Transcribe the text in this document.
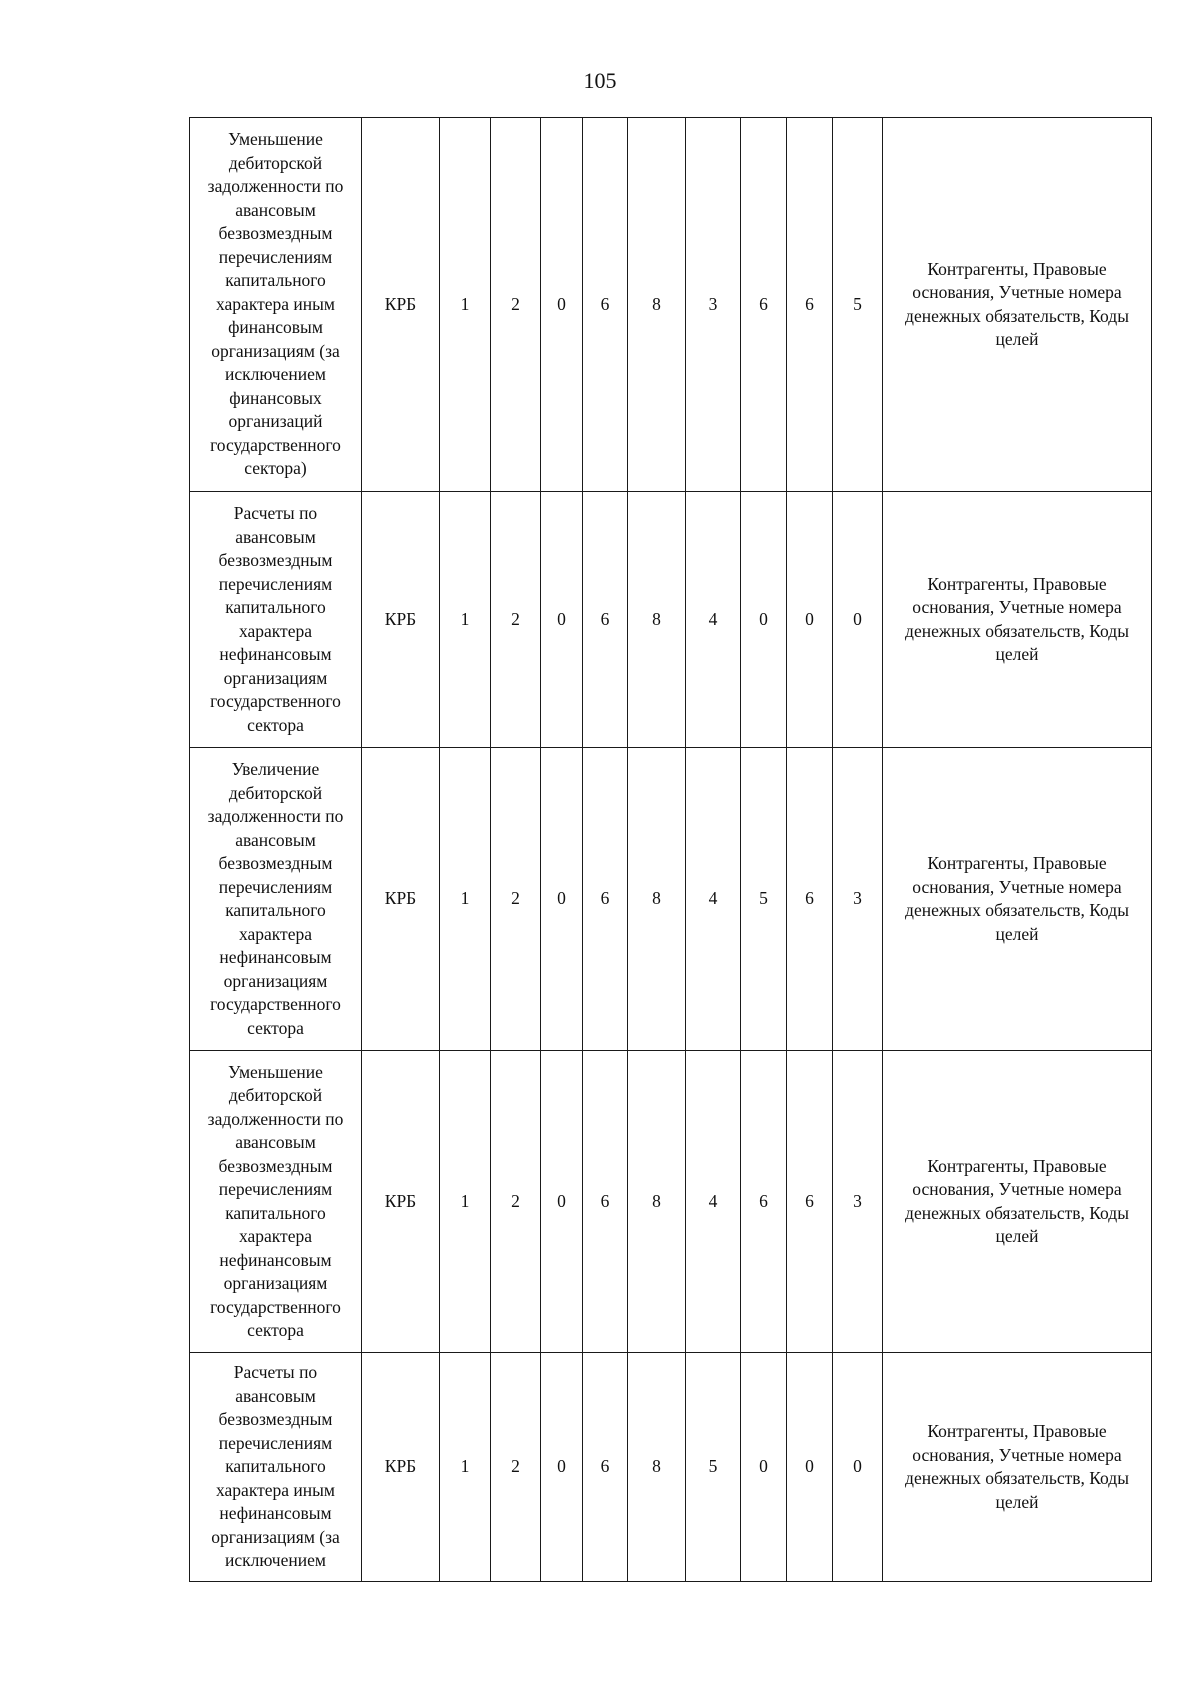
105
Уменьшение дебиторской задолженности по авансовым безвозмездным перечислениям капитального характера иным финансовым организациям (за исключением финансовых организаций государственного сектора)	КРБ	1	2	0	6	8	3	6	6	5	Контрагенты, Правовые основания, Учетные номера денежных обязательств, Коды целей
Расчеты по авансовым безвозмездным перечислениям капитального характера нефинансовым организациям государственного сектора	КРБ	1	2	0	6	8	4	0	0	0	Контрагенты, Правовые основания, Учетные номера денежных обязательств, Коды целей
Увеличение дебиторской задолженности по авансовым безвозмездным перечислениям капитального характера нефинансовым организациям государственного сектора	КРБ	1	2	0	6	8	4	5	6	3	Контрагенты, Правовые основания, Учетные номера денежных обязательств, Коды целей
Уменьшение дебиторской задолженности по авансовым безвозмездным перечислениям капитального характера нефинансовым организациям государственного сектора	КРБ	1	2	0	6	8	4	6	6	3	Контрагенты, Правовые основания, Учетные номера денежных обязательств, Коды целей
Расчеты по авансовым безвозмездным перечислениям капитального характера иным нефинансовым организациям (за исключением	КРБ	1	2	0	6	8	5	0	0	0	Контрагенты, Правовые основания, Учетные номера денежных обязательств, Коды целей
